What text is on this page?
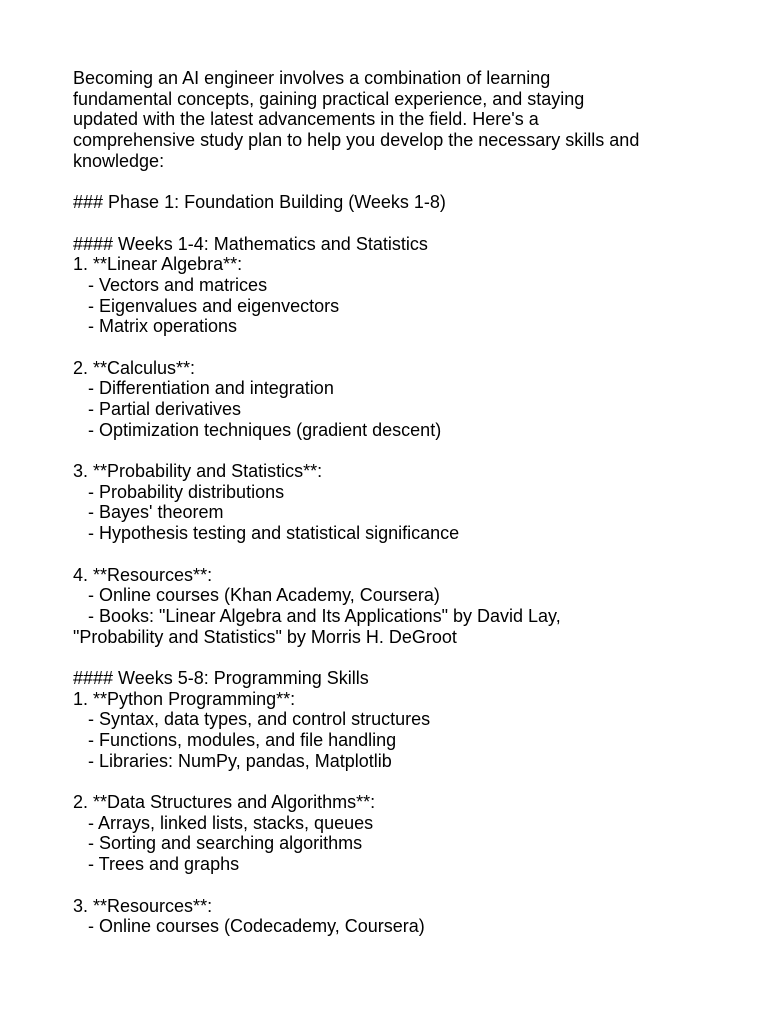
Becoming an AI engineer involves a combination of learning
fundamental concepts, gaining practical experience, and staying
updated with the latest advancements in the field. Here's a
comprehensive study plan to help you develop the necessary skills and
knowledge:
### Phase 1: Foundation Building (Weeks 1-8)
#### Weeks 1-4: Mathematics and Statistics
1. **Linear Algebra**:
- Vectors and matrices
- Eigenvalues and eigenvectors
- Matrix operations
2. **Calculus**:
- Differentiation and integration
- Partial derivatives
- Optimization techniques (gradient descent)
3. **Probability and Statistics**:
- Probability distributions
- Bayes' theorem
- Hypothesis testing and statistical significance
4. **Resources**:
- Online courses (Khan Academy, Coursera)
- Books: "Linear Algebra and Its Applications" by David Lay,
"Probability and Statistics" by Morris H. DeGroot
#### Weeks 5-8: Programming Skills
1. **Python Programming**:
- Syntax, data types, and control structures
- Functions, modules, and file handling
- Libraries: NumPy, pandas, Matplotlib
2. **Data Structures and Algorithms**:
- Arrays, linked lists, stacks, queues
- Sorting and searching algorithms
- Trees and graphs
3. **Resources**:
- Online courses (Codecademy, Coursera)
